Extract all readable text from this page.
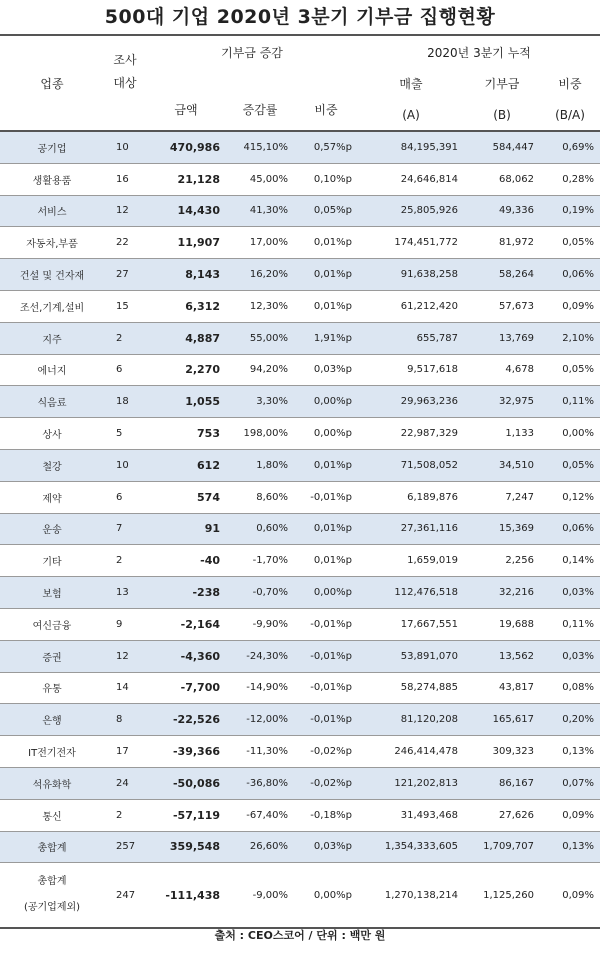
500대 기업 2020년 3분기 기부금 집행현황
업종	조사	기부금 증감			2020년 3분기 누적		
	대상	금액	증감률	비중	매출	기부금	비중
					(A)	(B)	(B/A)
공기업	10	470,986	415,10%	0,57%p	84,195,391	584,447	0,69%
생활용품	16	21,128	45,00%	0,10%p	24,646,814	68,062	0,28%
서비스	12	14,430	41,30%	0,05%p	25,805,926	49,336	0,19%
자동차,부품	22	11,907	17,00%	0,01%p	174,451,772	81,972	0,05%
건설 및 건자재	27	8,143	16,20%	0,01%p	91,638,258	58,264	0,06%
조선,기계,설비	15	6,312	12,30%	0,01%p	61,212,420	57,673	0,09%
지주	2	4,887	55,00%	1,91%p	655,787	13,769	2,10%
에너지	6	2,270	94,20%	0,03%p	9,517,618	4,678	0,05%
식음료	18	1,055	3,30%	0,00%p	29,963,236	32,975	0,11%
상사	5	753	198,00%	0,00%p	22,987,329	1,133	0,00%
철강	10	612	1,80%	0,01%p	71,508,052	34,510	0,05%
제약	6	574	8,60%	-0,01%p	6,189,876	7,247	0,12%
운송	7	91	0,60%	0,01%p	27,361,116	15,369	0,06%
기타	2	-40	-1,70%	0,01%p	1,659,019	2,256	0,14%
보험	13	-238	-0,70%	0,00%p	112,476,518	32,216	0,03%
여신금융	9	-2,164	-9,90%	-0,01%p	17,667,551	19,688	0,11%
증권	12	-4,360	-24,30%	-0,01%p	53,891,070	13,562	0,03%
유통	14	-7,700	-14,90%	-0,01%p	58,274,885	43,817	0,08%
은행	8	-22,526	-12,00%	-0,01%p	81,120,208	165,617	0,20%
IT전기전자	17	-39,366	-11,30%	-0,02%p	246,414,478	309,323	0,13%
석유화학	24	-50,086	-36,80%	-0,02%p	121,202,813	86,167	0,07%
통신	2	-57,119	-67,40%	-0,18%p	31,493,468	27,626	0,09%
총합계	257	359,548	26,60%	0,03%p	1,354,333,605	1,709,707	0,13%

총합계
(공기업제외)	247	-111,438	-9,00%	0,00%p	1,270,138,214	1,125,260	0,09%
출처 : CEO스코어 / 단위 : 백만 원
